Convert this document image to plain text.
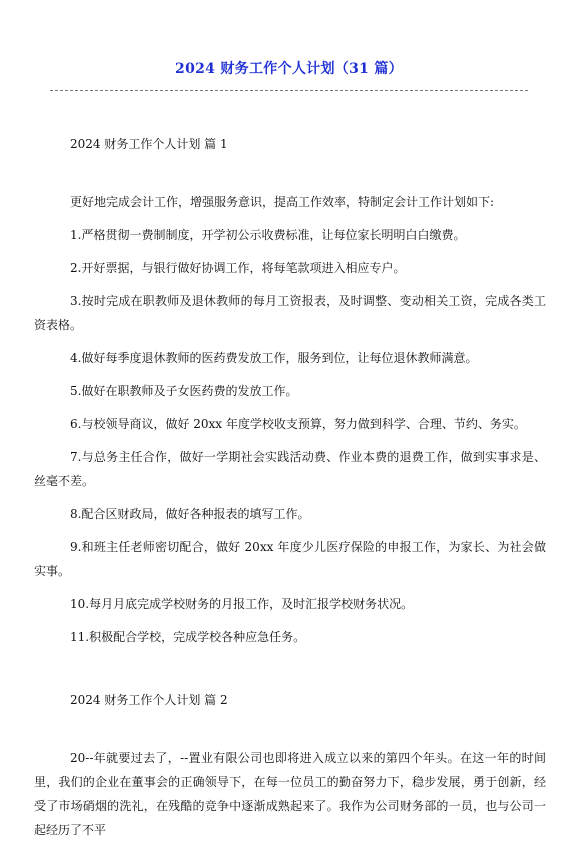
2024 财务工作个人计划（31 篇）

2024 财务工作个人计划 篇 1

更好地完成会计工作，增强服务意识，提高工作效率，特制定会计工作计划如下:

1.严格贯彻一费制制度，开学初公示收费标准，让每位家长明明白白缴费。

2.开好票据，与银行做好协调工作，将每笔款项进入相应专户。

3.按时完成在职教师及退休教师的每月工资报表，及时调整、变动相关工资，完成各类工资表格。

4.做好每季度退休教师的医药费发放工作，服务到位，让每位退休教师满意。

5.做好在职教师及子女医药费的发放工作。

6.与校领导商议，做好 20xx 年度学校收支预算，努力做到科学、合理、节约、务实。

7.与总务主任合作，做好一学期社会实践活动费、作业本费的退费工作，做到实事求是、丝毫不差。

8.配合区财政局，做好各种报表的填写工作。

9.和班主任老师密切配合，做好 20xx 年度少儿医疗保险的申报工作，为家长、为社会做实事。

10.每月月底完成学校财务的月报工作，及时汇报学校财务状况。

11.积极配合学校，完成学校各种应急任务。

2024 财务工作个人计划 篇 2

20--年就要过去了，--置业有限公司也即将进入成立以来的第四个年头。在这一年的时间里，我们的企业在董事会的正确领导下，在每一位员工的勤奋努力下，稳步发展，勇于创新，经受了市场硝烟的洗礼，在残酷的竞争中逐渐成熟起来了。我作为公司财务部的一员，也与公司一起经历了不平
